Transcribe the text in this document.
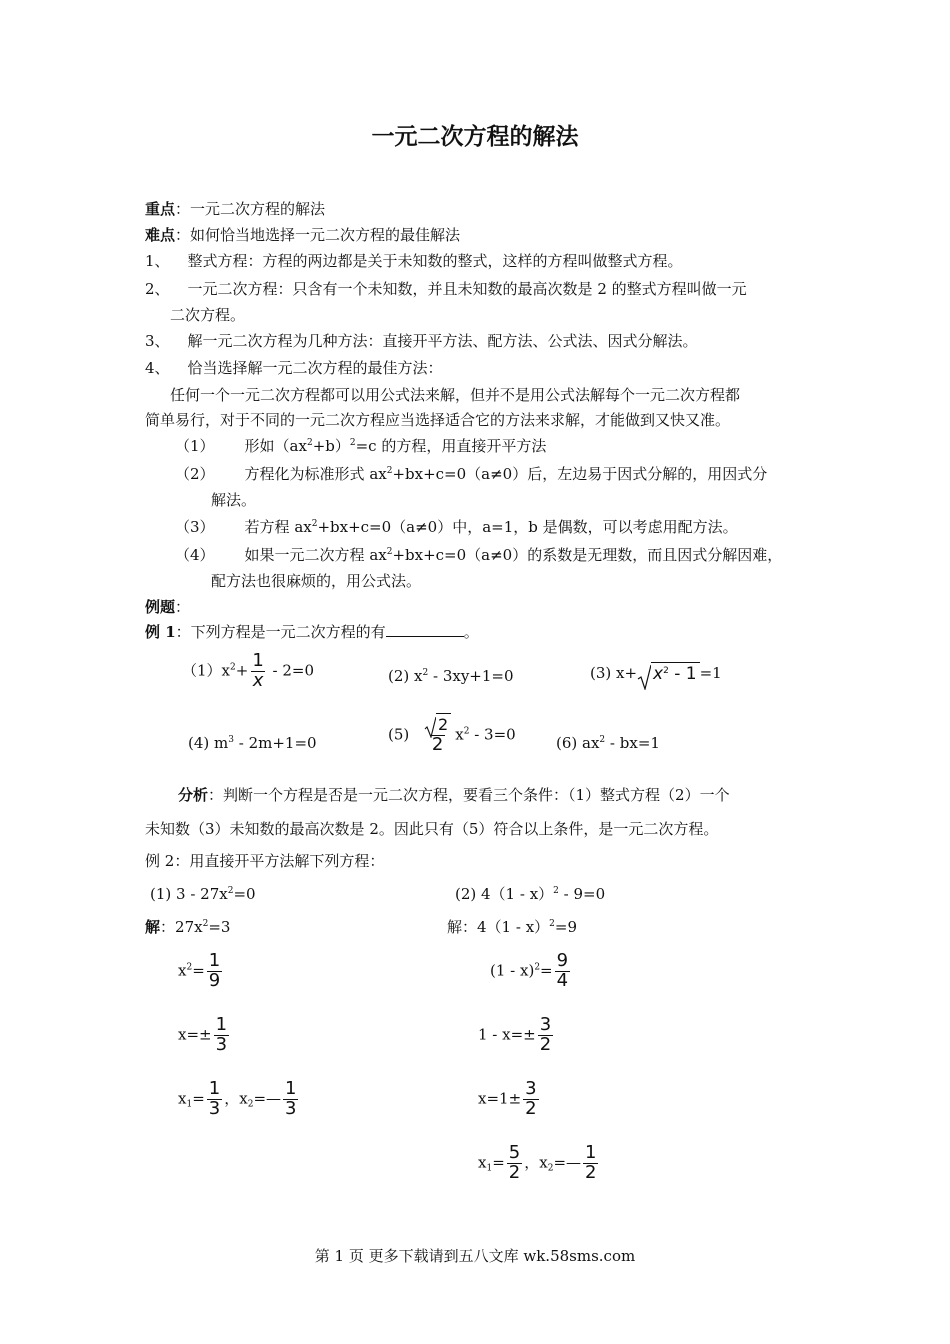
一元二次方程的解法
重点：一元二次方程的解法
难点：如何恰当地选择一元二次方程的最佳解法
1、 整式方程：方程的两边都是关于未知数的整式，这样的方程叫做整式方程。
2、 一元二次方程：只含有一个未知数，并且未知数的最高次数是 2 的整式方程叫做一元
二次方程。
3、 解一元二次方程为几种方法：直接开平方法、配方法、公式法、因式分解法。
4、 恰当选择解一元二次方程的最佳方法：
任何一个一元二次方程都可以用公式法来解，但并不是用公式法解每个一元二次方程都
简单易行，对于不同的一元二次方程应当选择适合它的方法来求解，才能做到又快又准。
（1） 形如$(ax^2+b)^2=c$ 的方程，用直接开平方法
（2） 方程化为标准形式 $ax^2+bx+c=0(a\ne 0)$后，左边易于因式分解的，用因式分
解法。
（3） 若方程 $ax^2+bx+c=0(a\ne 0)$中，a=1，b 是偶数，可以考虑用配方法。
（4） 如果一元二次方程 $ax^2+bx+c=0(a\ne 0)$的系数是无理数，而且因式分解因难，
配方法也很麻烦的，用公式法。
例题：
例 1：下列方程是一元二次方程的有	。
$(1)x^2+ \frac{1}{x} - 2=0$	(2) $x^2 - 3xy+1=0$	(3) $x+ x^2 - 1 =1$
(4) $m^3 - 2m+1=0$	$(5) \frac{2}{2} x^2 - 3=0$	(6) $ax^2 - bx=1$
分析：判断一个方程是否是一元二次方程，要看三个条件：（1）整式方程（2）一个
未知数（3）未知数的最高次数是 2。因此只有（5）符合以上条件，是一元二次方程。
例 2：用直接开平方法解下列方程：
(1) $3 - 27x^2=0$	(2) 4（1 - x）$^2$ - 9=0
解：$27x^2=3$	解：4（1 - x）$^2$=9
$x^2= \frac{1}{9}$
$x=\pm \frac{1}{3}$
$x_1= \frac{1}{3}$ ，$x_2=— \frac{1}{3}$
$(1 - x)^2= \frac{9}{4}$
$1 - x=\pm \frac{3}{2}$
$x=1\pm \frac{3}{2}$
$x_1= \frac{5}{2}$ ，$x_2=— \frac{1}{2}$
第 1 页 更多下载请到五八文库 wk.58sms.com
